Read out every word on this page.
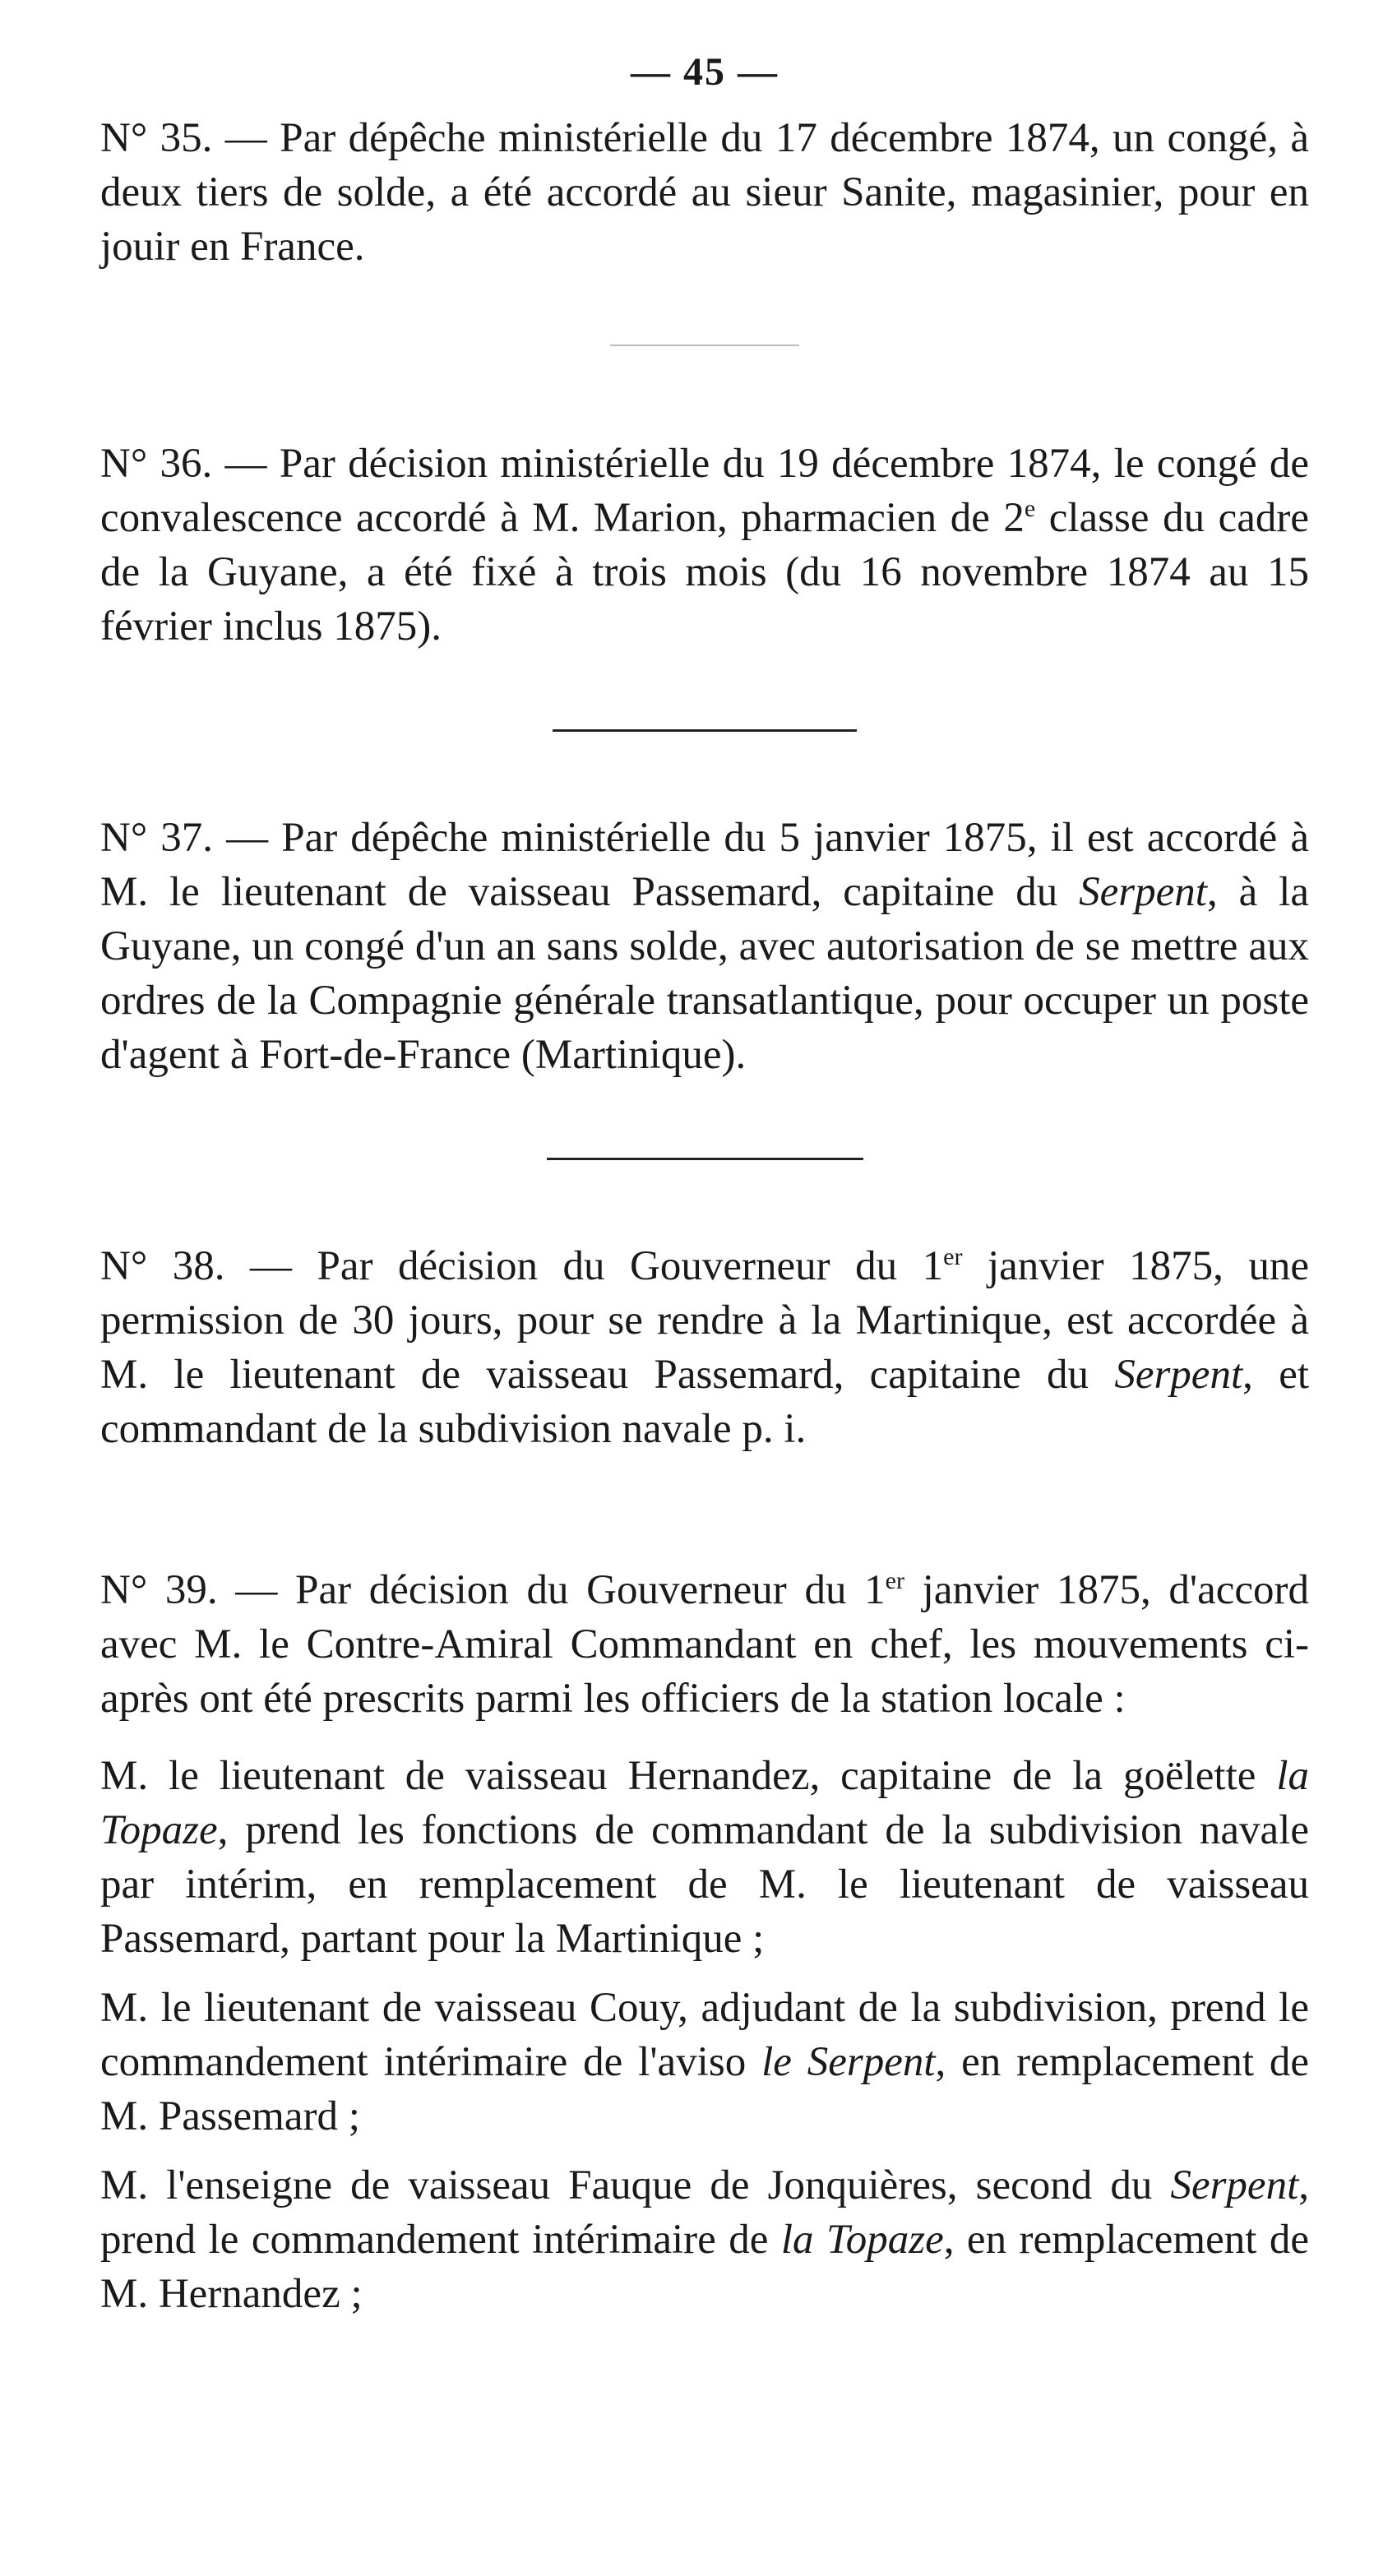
— 45 —

N° 35. — Par dépêche ministérielle du 17 décembre 1874, un congé, à deux tiers de solde, a été accordé au sieur Sanite, magasinier, pour en jouir en France.

N° 36. — Par décision ministérielle du 19 décembre 1874, le congé de convalescence accordé à M. Marion, pharmacien de 2e classe du cadre de la Guyane, a été fixé à trois mois (du 16 novembre 1874 au 15 février inclus 1875).

N° 37. — Par dépêche ministérielle du 5 janvier 1875, il est accordé à M. le lieutenant de vaisseau Passemard, capitaine du Serpent, à la Guyane, un congé d'un an sans solde, avec autorisation de se mettre aux ordres de la Compagnie générale transatlantique, pour occuper un poste d'agent à Fort-de-France (Martinique).

N° 38. — Par décision du Gouverneur du 1er janvier 1875, une permission de 30 jours, pour se rendre à la Martinique, est accordée à M. le lieutenant de vaisseau Passemard, capitaine du Serpent, et commandant de la subdivision navale p. i.

N° 39. — Par décision du Gouverneur du 1er janvier 1875, d'accord avec M. le Contre-Amiral Commandant en chef, les mouvements ci-après ont été prescrits parmi les officiers de la station locale :

M. le lieutenant de vaisseau Hernandez, capitaine de la goëlette la Topaze, prend les fonctions de commandant de la subdivision navale par intérim, en remplacement de M. le lieutenant de vaisseau Passemard, partant pour la Martinique ;

M. le lieutenant de vaisseau Couy, adjudant de la subdivision, prend le commandement intérimaire de l'aviso le Serpent, en remplacement de M. Passemard ;

M. l'enseigne de vaisseau Fauque de Jonquières, second du Serpent, prend le commandement intérimaire de la Topaze, en remplacement de M. Hernandez ;
